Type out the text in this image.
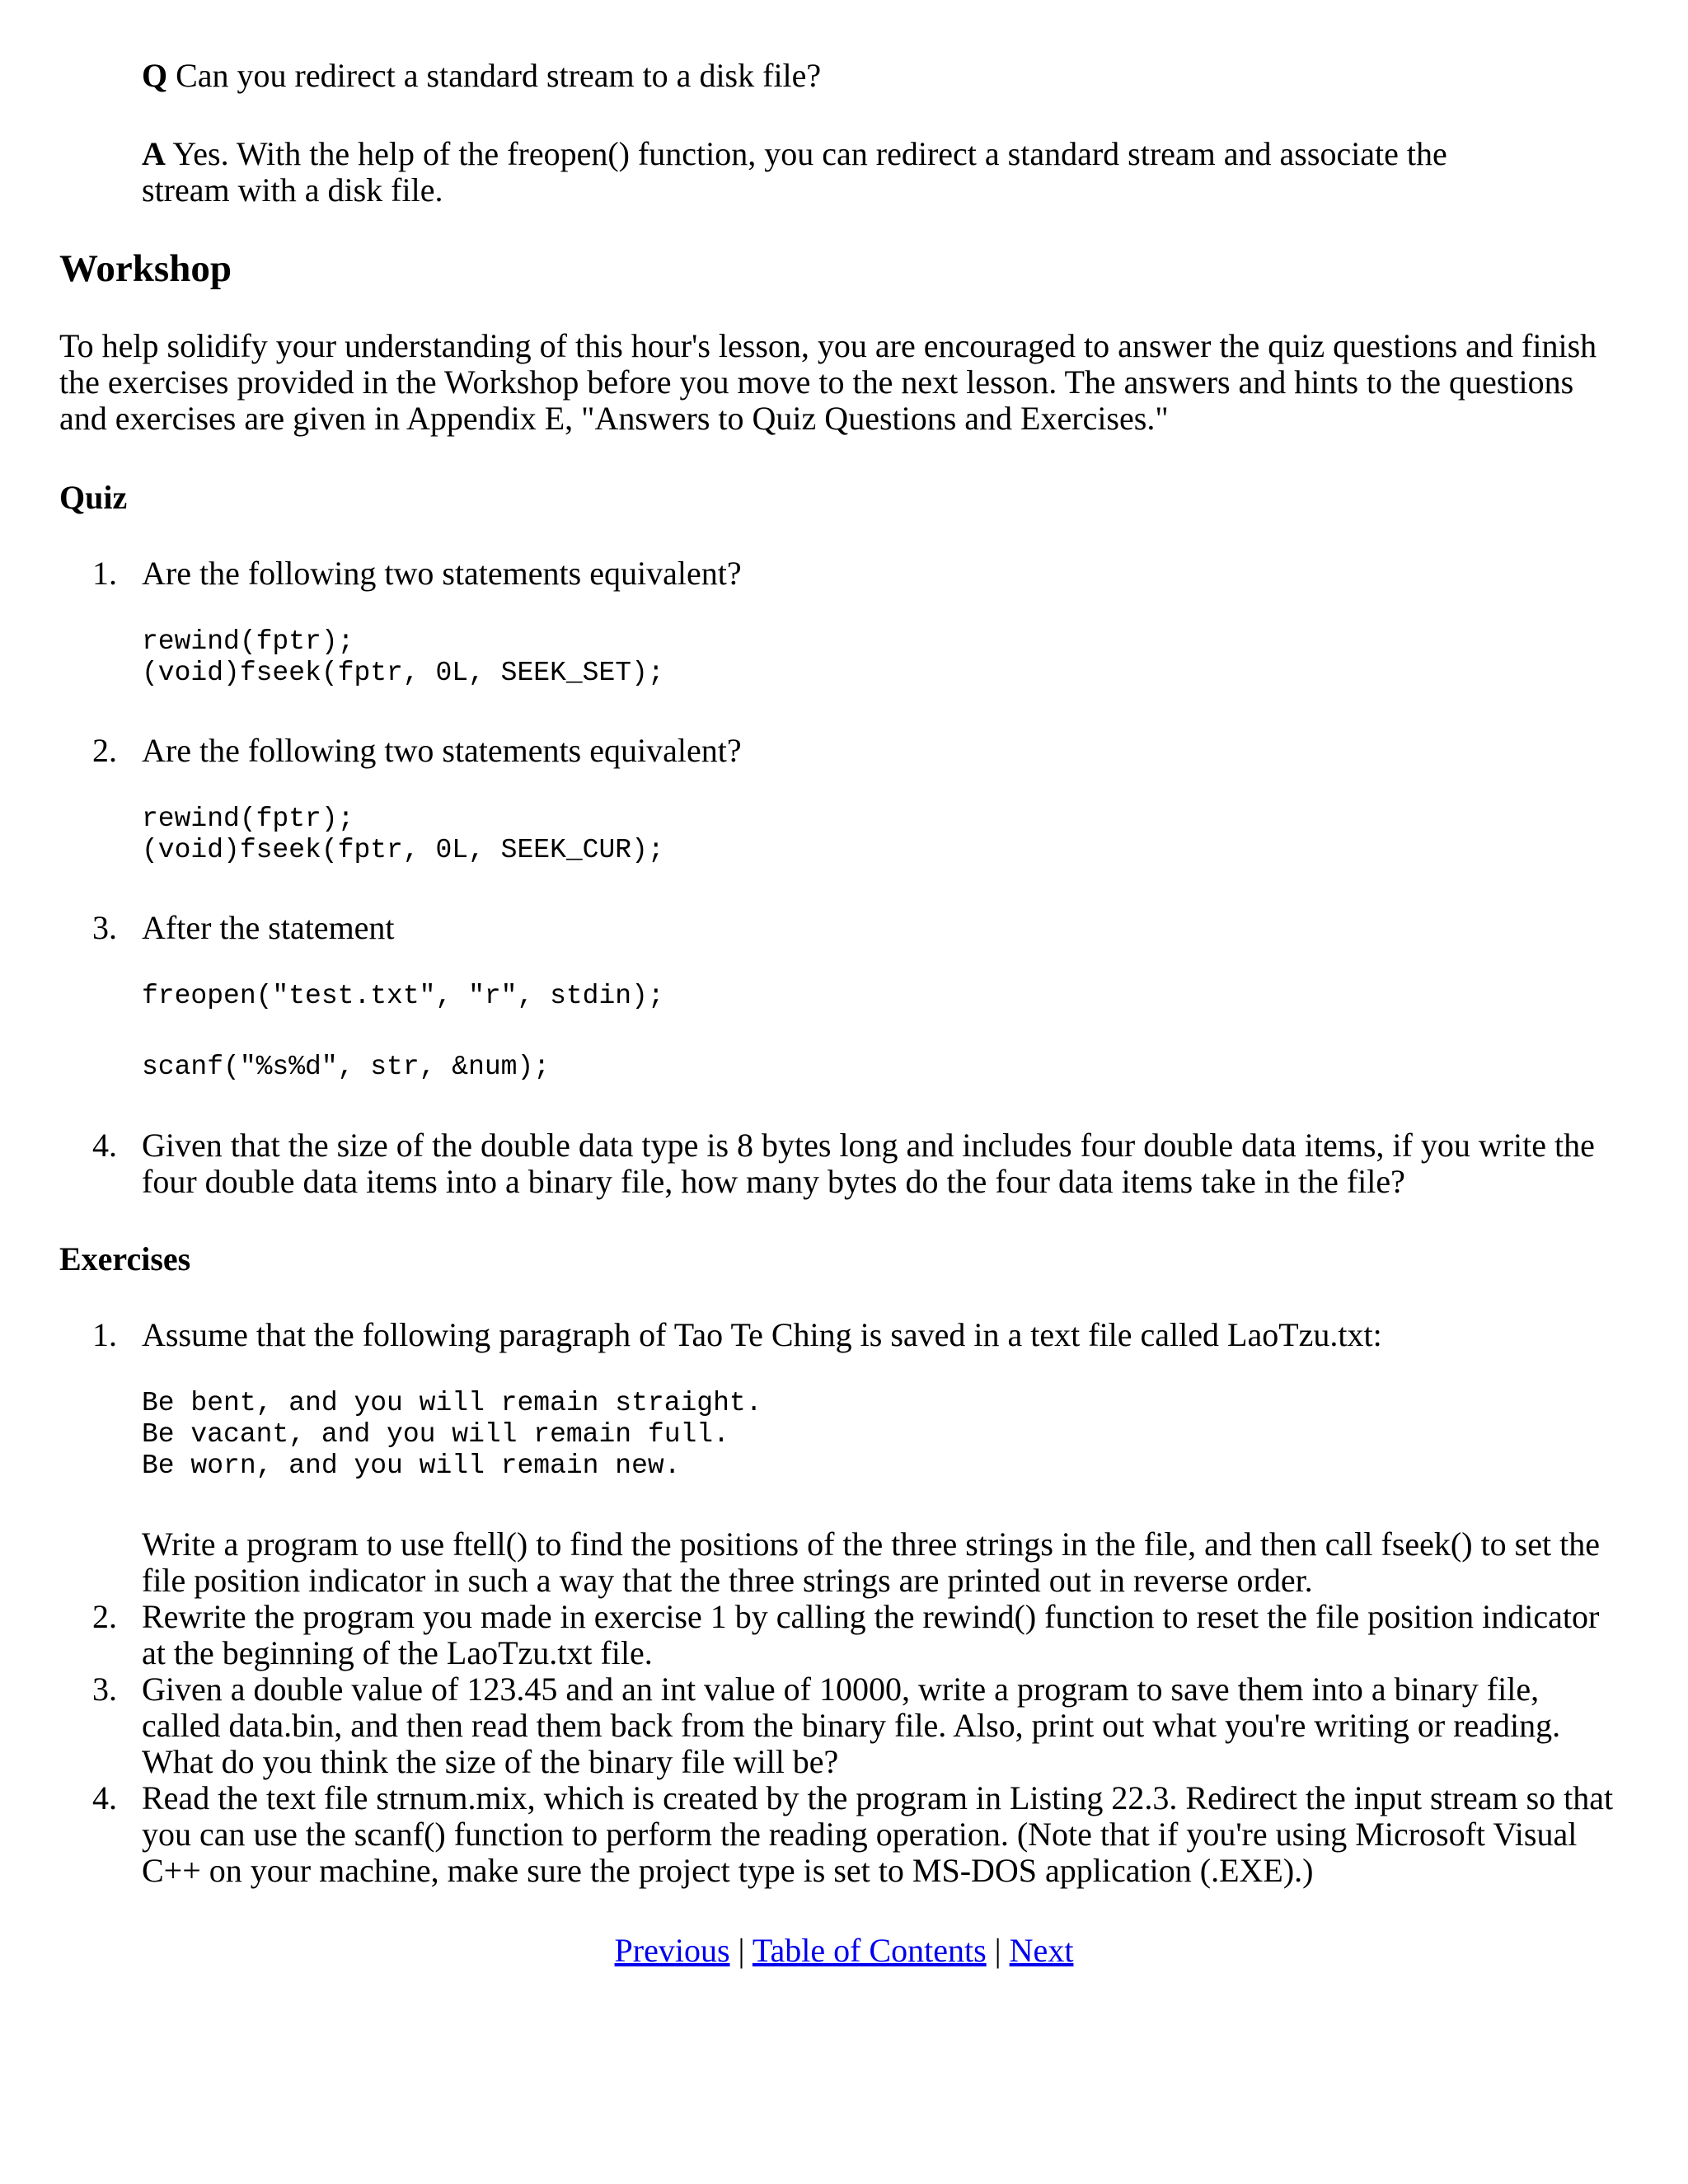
Q Can you redirect a standard stream to a disk file?
A Yes. With the help of the freopen() function, you can redirect a standard stream and associate the
stream with a disk file.
Workshop
To help solidify your understanding of this hour's lesson, you are encouraged to answer the quiz questions and finish
the exercises provided in the Workshop before you move to the next lesson. The answers and hints to the questions
and exercises are given in Appendix E, "Answers to Quiz Questions and Exercises."
Quiz
1. Are the following two statements equivalent?
rewind(fptr);
(void)fseek(fptr, 0L, SEEK_SET);
2. Are the following two statements equivalent?
rewind(fptr);
(void)fseek(fptr, 0L, SEEK_CUR);
3. After the statement
freopen("test.txt", "r", stdin);
scanf("%s%d", str, &num);
4. Given that the size of the double data type is 8 bytes long and includes four double data items, if you write the
four double data items into a binary file, how many bytes do the four data items take in the file?
Exercises
1. Assume that the following paragraph of Tao Te Ching is saved in a text file called LaoTzu.txt:
Be bent, and you will remain straight.
Be vacant, and you will remain full.
Be worn, and you will remain new.
Write a program to use ftell() to find the positions of the three strings in the file, and then call fseek() to set the
file position indicator in such a way that the three strings are printed out in reverse order.
2. Rewrite the program you made in exercise 1 by calling the rewind() function to reset the file position indicator
at the beginning of the LaoTzu.txt file.
3. Given a double value of 123.45 and an int value of 10000, write a program to save them into a binary file,
called data.bin, and then read them back from the binary file. Also, print out what you're writing or reading.
What do you think the size of the binary file will be?
4. Read the text file strnum.mix, which is created by the program in Listing 22.3. Redirect the input stream so that
you can use the scanf() function to perform the reading operation. (Note that if you're using Microsoft Visual
C++ on your machine, make sure the project type is set to MS-DOS application (.EXE).)
Previous | Table of Contents | Next
